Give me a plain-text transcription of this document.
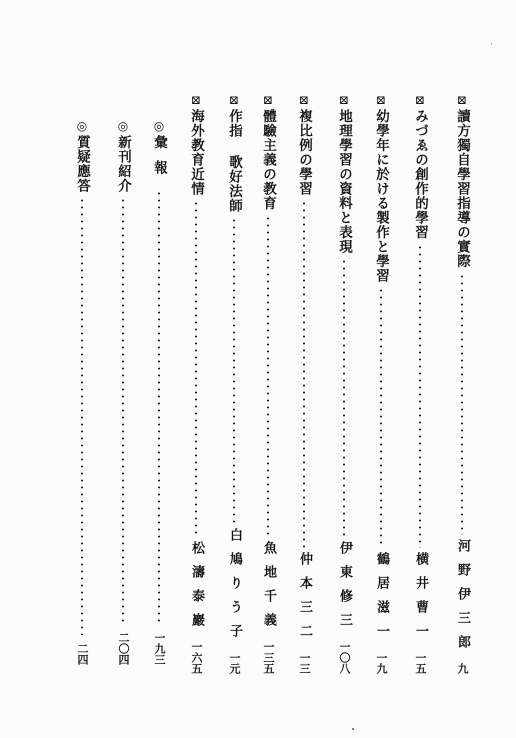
⊠
讀方獨自學習指導の實際
河野伊三郎
九
⊠
みづゑの創作的學習
横井曹一
一五
⊠
幼學年に於ける製作と學習
鶴居滋一
一九
⊠
地理學習の資料と表現
伊東修三
一〇八
⊠
複比例の學習
仲本三二
一三
⊠
體驗主義の教育
魚地千義
一三五
⊠
作指 歌好法師
白鳩りう子
一元
⊠
海外教育近情
松濤泰巖
一六五
◎
彙報
一九三
◎
新刊紹介
二〇四
◎
質疑應答
二四
